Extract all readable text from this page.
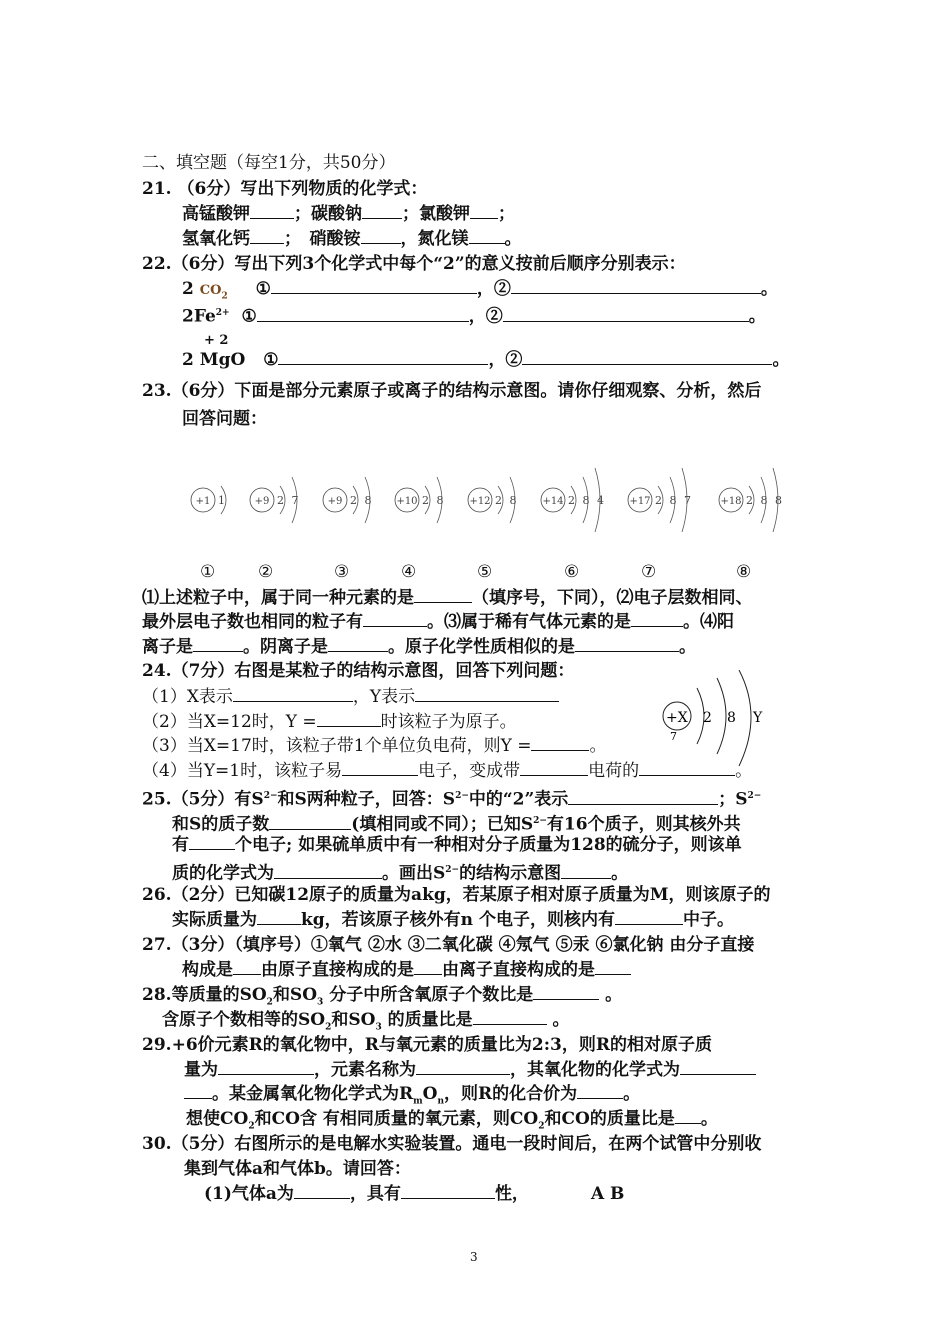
二、填空题（每空1分，共50分）
21. （6分）写出下列物质的化学式：
高锰酸钾	；碳酸钠 ；氯酸钾 ；
氢氧化钙 ；　硝酸铵 ，氮化镁 。
22.（6分）写出下列3个化学式中每个“2”的意义按前后顺序分别表示：
2 $CO_2$ ①	，②	。
$2Fe^{2+}$ ①	，②	。
+ 2
2 MgO ①	，②	。
23.（6分）下面是部分元素原子或离子的结构示意图。请你仔细观察、分析，然后
回答问题：
+1 1	+9 2 7	+9 2 8 +10 2 8 +12 2 8 +14 2 8 4 +17 2 8 7	+18 2 8 8
①	②	③	④	⑤	⑥	⑦	⑧
⑴上述粒子中，属于同一种元素的是	（填序号，下同），⑵电子层数相同、
最外层电子数也相同的粒子有	。⑶属于稀有气体元素的是	。⑷阳
离子是	。阴离子是	。原子化学性质相似的是	。
24.（7分）右图是某粒子的结构示意图，回答下列问题：
（1）X表示	，Y表示
（2）当X=12时，Y =	时该粒子为原子。
（3）当X=17时，该粒子带1个单位负电荷，则Y =	。
（4）当Y=1时，该粒子易	电子，变成带	电荷的	。
+X
7
2 8 Y
25.（5分）有$S^{2-}$和S两种粒子，回答：$S^{2-}$中的“2”表示	；$S^{2-}$
和S的质子数	(填相同或不同）；已知$S^{2-}$有16个质子，则其核外共
有	个电子; 如果硫单质中有一种相对分子质量为128的硫分子，则该单
质的化学式为	。画出$S^{2-}$的结构示意图	。
26.（2分）已知碳12原子的质量为akg，若某原子相对原子质量为M，则该原子的
实际质量为	kg，若该原子核外有n 个电子，则核内有	中子。
27.（3分）（填序号）①氧气 ②水 ③二氧化碳 ④氖气 ⑤汞 ⑥氯化钠 由分子直接
构成是 由原子直接构成的是 由离子直接构成的是
28.等质量的$SO_2$和$SO_3$ 分子中所含氧原子个数比是	。
含原子个数相等的$SO_2$和$SO_3$ 的质量比是	。
29.+6价元素R的氧化物中，R与氧元素的质量比为2:3，则R的相对原子质
量为	，元素名称为	，其氧化物的化学式为
。某金属氧化物化学式为$R_mO_n$，则R的化合价为	。
想使$CO_2$和CO含 有相同质量的氧元素，则$CO_2$和CO的质量比是 。
30.（5分）右图所示的是电解水实验装置。通电一段时间后，在两个试管中分别收
集到气体a和气体b。请回答：
(1)气体a为	，具有	性，	A B
3
